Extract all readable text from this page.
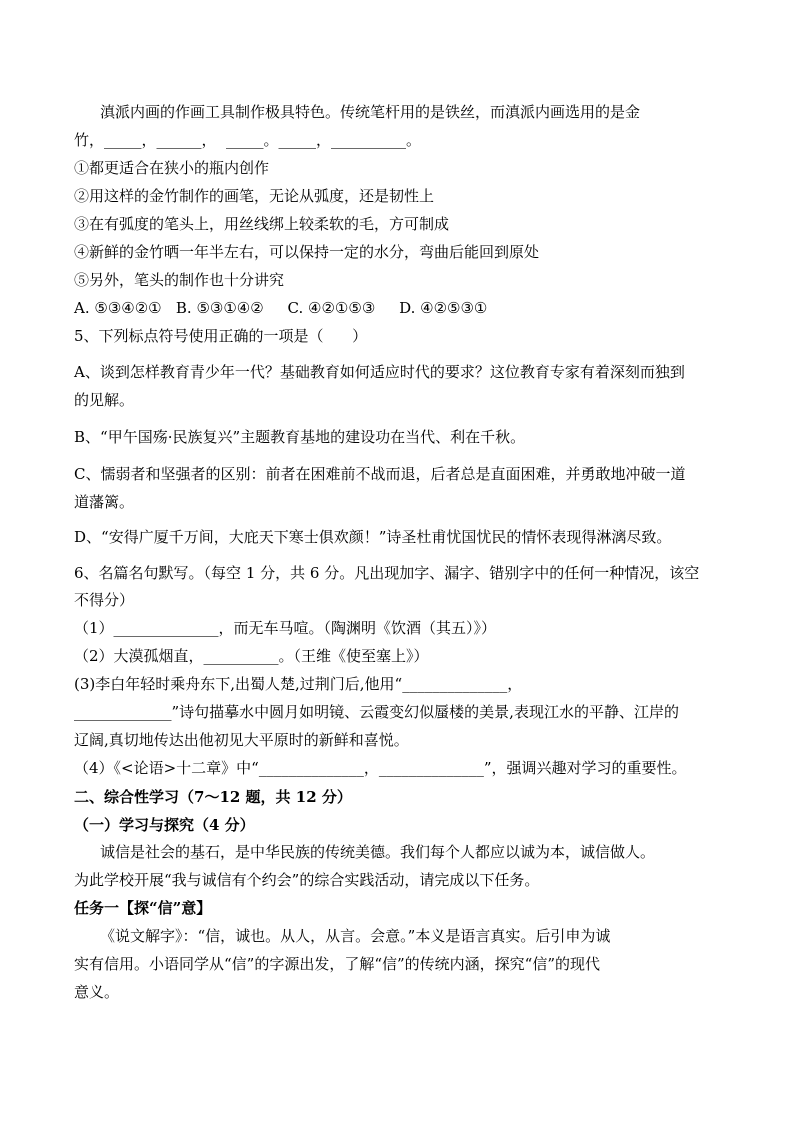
滇派内画的作画工具制作极具特色。传统笔杆用的是铁丝，而滇派内画选用的是金
竹，_____，______，  _____。_____，__________。
①都更适合在狭小的瓶内创作
②用这样的金竹制作的画笔，无论从弧度，还是韧性上
③在有弧度的笔头上，用丝线绑上较柔软的毛，方可制成
④新鲜的金竹晒一年半左右，可以保持一定的水分，弯曲后能回到原处
⑤另外，笔头的制作也十分讲究
A. ⑤③④②①   B. ⑤③①④②     C. ④②①⑤③     D. ④②⑤③①
5、下列标点符号使用正确的一项是（      ）
A、谈到怎样教育青少年一代？基础教育如何适应时代的要求？这位教育专家有着深刻而独到
的见解。
B、“甲午国殇·民族复兴”主题教育基地的建设功在当代、利在千秋。
C、懦弱者和坚强者的区别：前者在困难前不战而退，后者总是直面困难，并勇敢地冲破一道
道藩篱。
D、“安得广厦千万间，大庇天下寒士俱欢颜！”诗圣杜甫忧国忧民的情怀表现得淋漓尽致。
6、名篇名句默写。（每空 1 分，共 6 分。凡出现加字、漏字、错别字中的任何一种情况，该空
不得分）
（1）______________，而无车马喧。（陶渊明《饮酒（其五）》）
（2）大漠孤烟直，__________。（王维《使至塞上》）
(3)李白年轻时乘舟东下,出蜀人楚,过荆门后,他用“______________，
_____________”诗句描摹水中圆月如明镜、云霞变幻似蜃楼的美景,表现江水的平静、江岸的
辽阔,真切地传达出他初见大平原时的新鲜和喜悦。
（4）《<论语>十二章》中“______________，______________”，强调兴趣对学习的重要性。
二、综合性学习（7～12 题，共 12 分）
（一）学习与探究（4 分）
诚信是社会的基石，是中华民族的传统美德。我们每个人都应以诚为本，诚信做人。
为此学校开展“我与诚信有个约会”的综合实践活动，请完成以下任务。
任务一【探“信”意】
《说文解字》：“信，诚也。从人，从言。会意。”本义是语言真实。后引申为诚
实有信用。小语同学从“信”的字源出发，了解“信”的传统内涵，探究“信”的现代
意义。
